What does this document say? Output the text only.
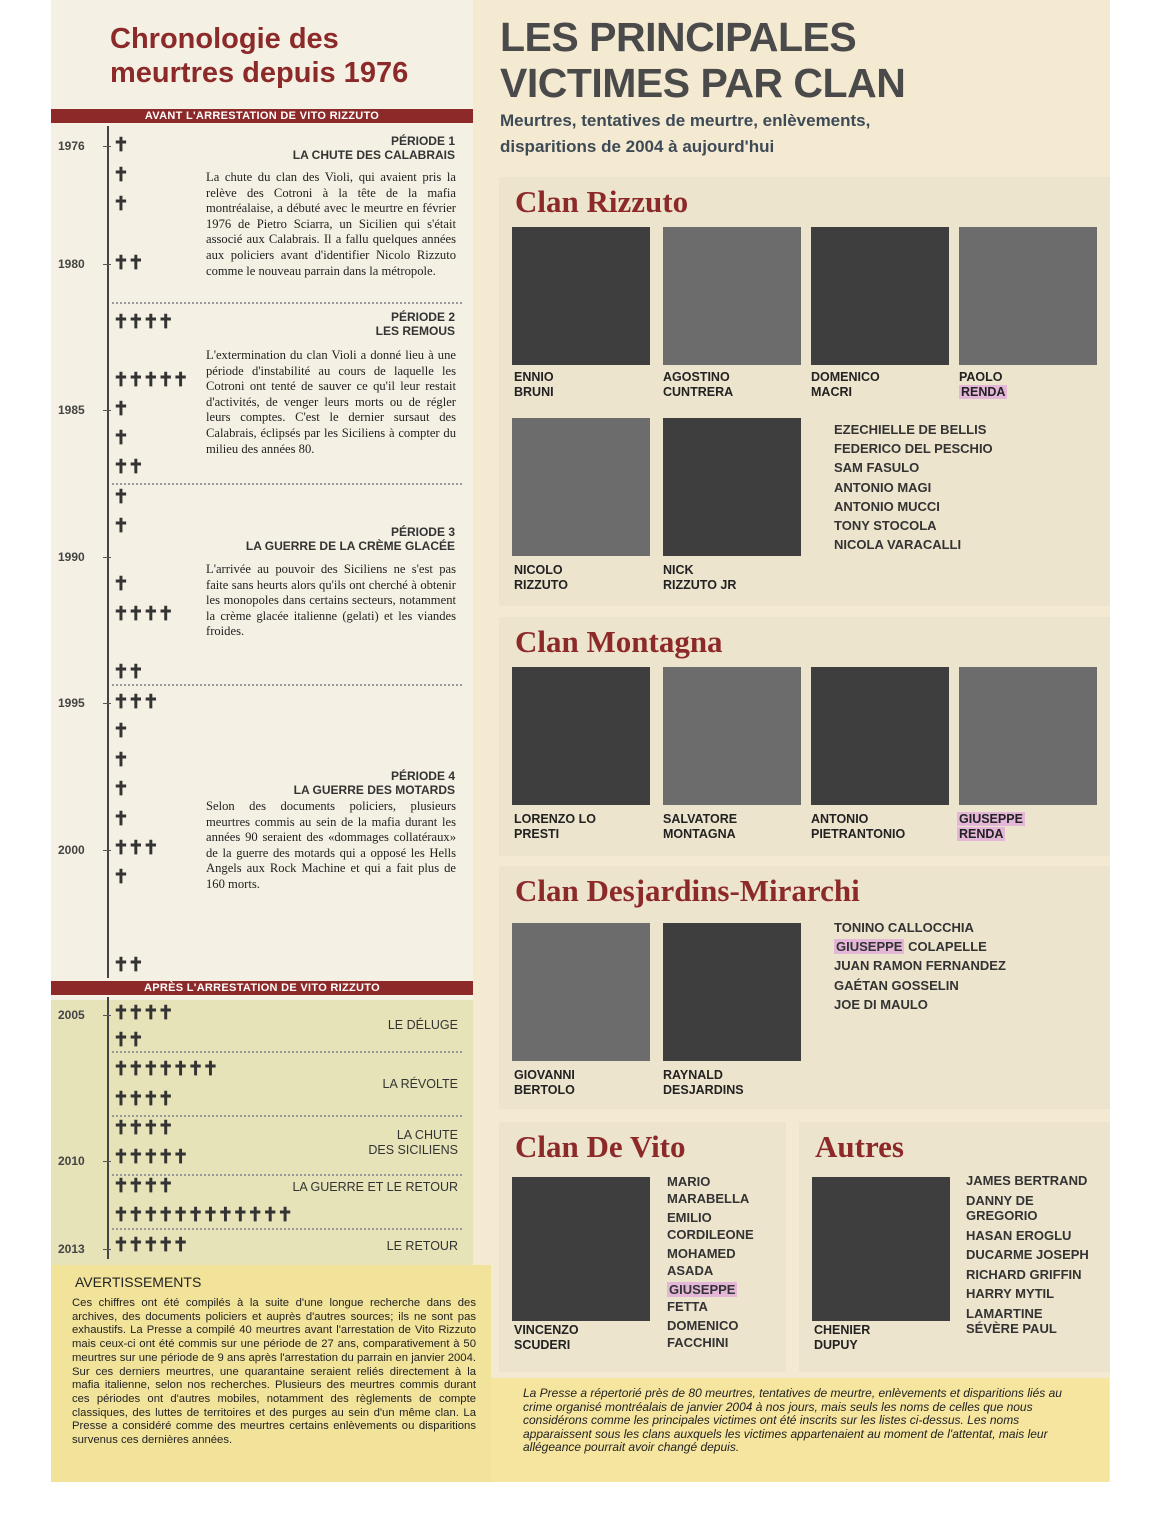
Chronologie des
meurtres depuis 1976
AVANT L'ARRESTATION DE VITO RIZZUTO
APRÈS L'ARRESTATION DE VITO RIZZUTO
1976
1980
1985
1990
1995
2000
2005
2010
2013
✝
✝
✝
✝✝
✝✝✝✝
✝✝✝✝✝
✝
✝
✝✝
✝
✝
✝
✝✝✝✝
✝✝
✝✝✝
✝
✝
✝
✝
✝✝✝
✝
✝✝
✝✝✝✝
✝✝
✝✝✝✝✝✝✝
✝✝✝✝
✝✝✝✝
✝✝✝✝✝
✝✝✝✝
✝✝✝✝✝✝✝✝✝✝✝✝
✝✝✝✝✝
PÉRIODE 1
LA CHUTE DES CALABRAIS
La chute du clan des Violi, qui avaient pris la relève des Cotroni à la tête de la mafia montréalaise, a débuté avec le meurtre en février 1976 de Pietro Sciarra, un Sicilien qui s'était associé aux Calabrais. Il a fallu quelques années aux policiers avant d'identifier Nicolo Rizzuto comme le nouveau parrain dans la métropole.
PÉRIODE 2
LES REMOUS
L'extermination du clan Violi a donné lieu à une période d'instabilité au cours de laquelle les Cotroni ont tenté de sauver ce qu'il leur restait d'activités, de venger leurs morts ou de régler leurs comptes. C'est le dernier sursaut des Calabrais, éclipsés par les Siciliens à compter du milieu des années 80.
PÉRIODE 3
LA GUERRE DE LA CRÈME GLACÉE
L'arrivée au pouvoir des Siciliens ne s'est pas faite sans heurts alors qu'ils ont cherché à obtenir les monopoles dans certains secteurs, notamment la crème glacée italienne (gelati) et les viandes froides.
PÉRIODE 4
LA GUERRE DES MOTARDS
Selon des documents policiers, plusieurs meurtres commis au sein de la mafia durant les années 90 seraient des «dommages collatéraux» de la guerre des motards qui a opposé les Hells Angels aux Rock Machine et qui a fait plus de 160 morts.
LE DÉLUGE
LA RÉVOLTE
LA CHUTE
DES SICILIENS
LA GUERRE ET LE RETOUR
LE RETOUR
AVERTISSEMENTS
Ces chiffres ont été compilés à la suite d'une longue recherche dans des archives, des documents policiers et auprès d'autres sources; ils ne sont pas exhaustifs. La Presse a compilé 40 meurtres avant l'arrestation de Vito Rizzuto mais ceux-ci ont été commis sur une période de 27 ans, comparativement à 50 meurtres sur une période de 9 ans après l'arrestation du parrain en janvier 2004. Sur ces derniers meurtres, une quarantaine seraient reliés directement à la mafia italienne, selon nos recherches. Plusieurs des meurtres commis durant ces périodes ont d'autres mobiles, notamment des règlements de compte classiques, des luttes de territoires et des purges au sein d'un même clan. La Presse a considéré comme des meurtres certains enlèvements ou disparitions survenus ces dernières années.
LES PRINCIPALES
VICTIMES PAR CLAN
Meurtres, tentatives de meurtre, enlèvements,
disparitions de 2004 à aujourd'hui
Clan Rizzuto
ENNIO
BRUNI
AGOSTINO
CUNTRERA
DOMENICO
MACRI
PAOLO
RENDA
NICOLO
RIZZUTO
NICK
RIZZUTO JR
EZECHIELLE DE BELLIS
FEDERICO DEL PESCHIO
SAM FASULO
ANTONIO MAGI
ANTONIO MUCCI
TONY STOCOLA
NICOLA VARACALLI
Clan Montagna
LORENZO LO
PRESTI
SALVATORE
MONTAGNA
ANTONIO
PIETRANTONIO
GIUSEPPE
RENDA
Clan Desjardins-Mirarchi
GIOVANNI
BERTOLO
RAYNALD
DESJARDINS
TONINO CALLOCCHIA
GIUSEPPE COLAPELLE
JUAN RAMON FERNANDEZ
GAÉTAN GOSSELIN
JOE DI MAULO
Clan De Vito
VINCENZO
SCUDERI
MARIO
MARABELLA
EMILIO
CORDILEONE
MOHAMED
ASADA
GIUSEPPE
FETTA
DOMENICO
FACCHINI
Autres
CHENIER
DUPUY
JAMES BERTRAND
DANNY DE
GREGORIO
HASAN EROGLU
DUCARME JOSEPH
RICHARD GRIFFIN
HARRY MYTIL
LAMARTINE
SÉVÈRE PAUL
La Presse a répertorié près de 80 meurtres, tentatives de meurtre, enlèvements et disparitions liés au crime organisé montréalais de janvier 2004 à nos jours, mais seuls les noms de celles que nous considérons comme les principales victimes ont été inscrits sur les listes ci-dessus. Les noms apparaissent sous les clans auxquels les victimes appartenaient au moment de l'attentat, mais leur allégeance pourrait avoir changé depuis.
